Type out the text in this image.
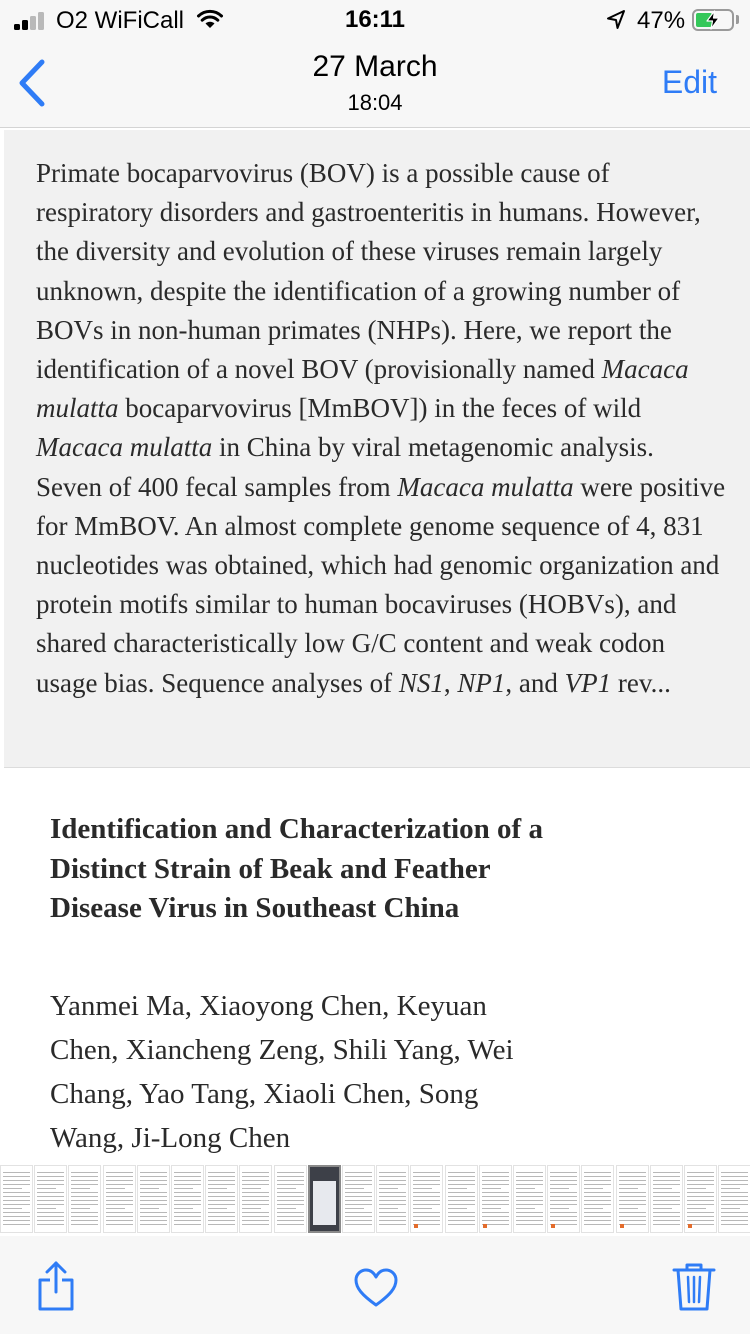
O2 WiFiCall	16:11	47%
27 March
18:04
Edit
Primate bocaparvovirus (BOV) is a possible cause of respiratory disorders and gastroenteritis in humans. However, the diversity and evolution of these viruses remain largely unknown, despite the identification of a growing number of BOVs in non-human primates (NHPs). Here, we report the identification of a novel BOV (provisionally named Macaca mulatta bocaparvovirus [MmBOV]) in the feces of wild Macaca mulatta in China by viral metagenomic analysis. Seven of 400 fecal samples from Macaca mulatta were positive for MmBOV. An almost complete genome sequence of 4, 831 nucleotides was obtained, which had genomic organization and protein motifs similar to human bocaviruses (HOBVs), and shared characteristically low G/C content and weak codon usage bias. Sequence analyses of NS1, NP1, and VP1 rev...
Identification and Characterization of a Distinct Strain of Beak and Feather Disease Virus in Southeast China
Yanmei Ma, Xiaoyong Chen, Keyuan Chen, Xiancheng Zeng, Shili Yang, Wei Chang, Yao Tang, Xiaoli Chen, Song Wang, Ji-Long Chen
